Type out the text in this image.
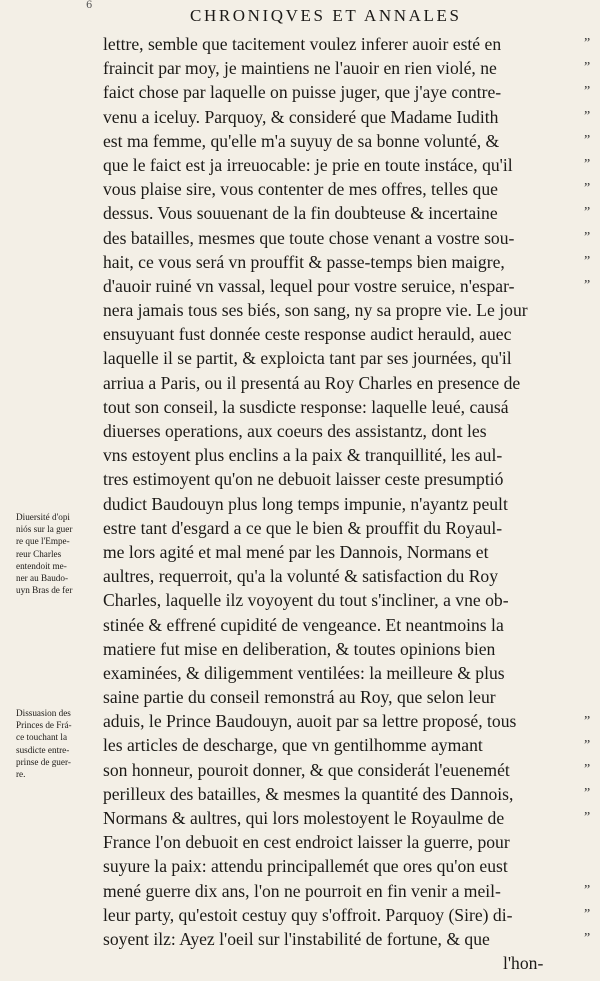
6
CHRONIQVES ET ANNALES
Diuersité d'opi
niós sur la guer
re que l'Empe-
reur Charles
entendoit me-
ner au Baudo-
uyn Bras de fer
Dissuasion des
Princes de Frá-
ce touchant la
susdicte entre-
prinse de guer-
re.
lettre, semble que tacitement voulez inferer auoir esté en
fraincit par moy, je maintiens ne l'auoir en rien violé, ne
faict chose par laquelle on puisse juger, que j'aye contre-
venu a iceluy. Parquoy, & consideré que Madame Iudith
est ma femme, qu'elle m'a suyuy de sa bonne volunté, &
que le faict est ja irreuocable: je prie en toute instáce, qu'il
vous plaise sire, vous contenter de mes offres, telles que
dessus. Vous souuenant de la fin doubteuse & incertaine
des batailles, mesmes que toute chose venant a vostre sou-
hait, ce vous será vn prouffit & passe-temps bien maigre,
d'auoir ruiné vn vassal, lequel pour vostre seruice, n'espar-
nera jamais tous ses biés, son sang, ny sa propre vie. Le jour
ensuyuant fust donnée ceste response audict herauld, auec
laquelle il se partit, & exploicta tant par ses journées, qu'il
arriua a Paris, ou il presentá au Roy Charles en presence de
tout son conseil, la susdicte response: laquelle leué, causá
diuerses operations, aux coeurs des assistantz, dont les
vns estoyent plus enclins a la paix & tranquillité, les aul-
tres estimoyent qu'on ne debuoit laisser ceste presumptió
dudict Baudouyn plus long temps impunie, n'ayantz peult
estre tant d'esgard a ce que le bien & prouffit du Royaul-
me lors agité et mal mené par les Dannois, Normans et
aultres, requerroit, qu'a la volunté & satisfaction du Roy
Charles, laquelle ilz voyoyent du tout s'incliner, a vne ob-
stinée & effrené cupidité de vengeance. Et neantmoins la
matiere fut mise en deliberation, & toutes opinions bien
examinées, & diligemment ventilées: la meilleure & plus
saine partie du conseil remonstrá au Roy, que selon leur
aduis, le Prince Baudouyn, auoit par sa lettre proposé, tous
les articles de descharge, que vn gentilhomme aymant
son honneur, pouroit donner, & que considerát l'euenemét
perilleux des batailles, & mesmes la quantité des Dannois,
Normans & aultres, qui lors molestoyent le Royaulme de
France l'on debuoit en cest endroict laisser la guerre, pour
suyure la paix: attendu principallemét que ores qu'on eust
mené guerre dix ans, l'on ne pourroit en fin venir a meil-
leur party, qu'estoit cestuy quy s'offroit. Parquoy (Sire) di-
soyent ilz: Ayez l'oeil sur l'instabilité de fortune, & que
l'hon-
”
”
”
”
”
”
”
”
”
”
”
”
”
”
”
”
”
”
”
